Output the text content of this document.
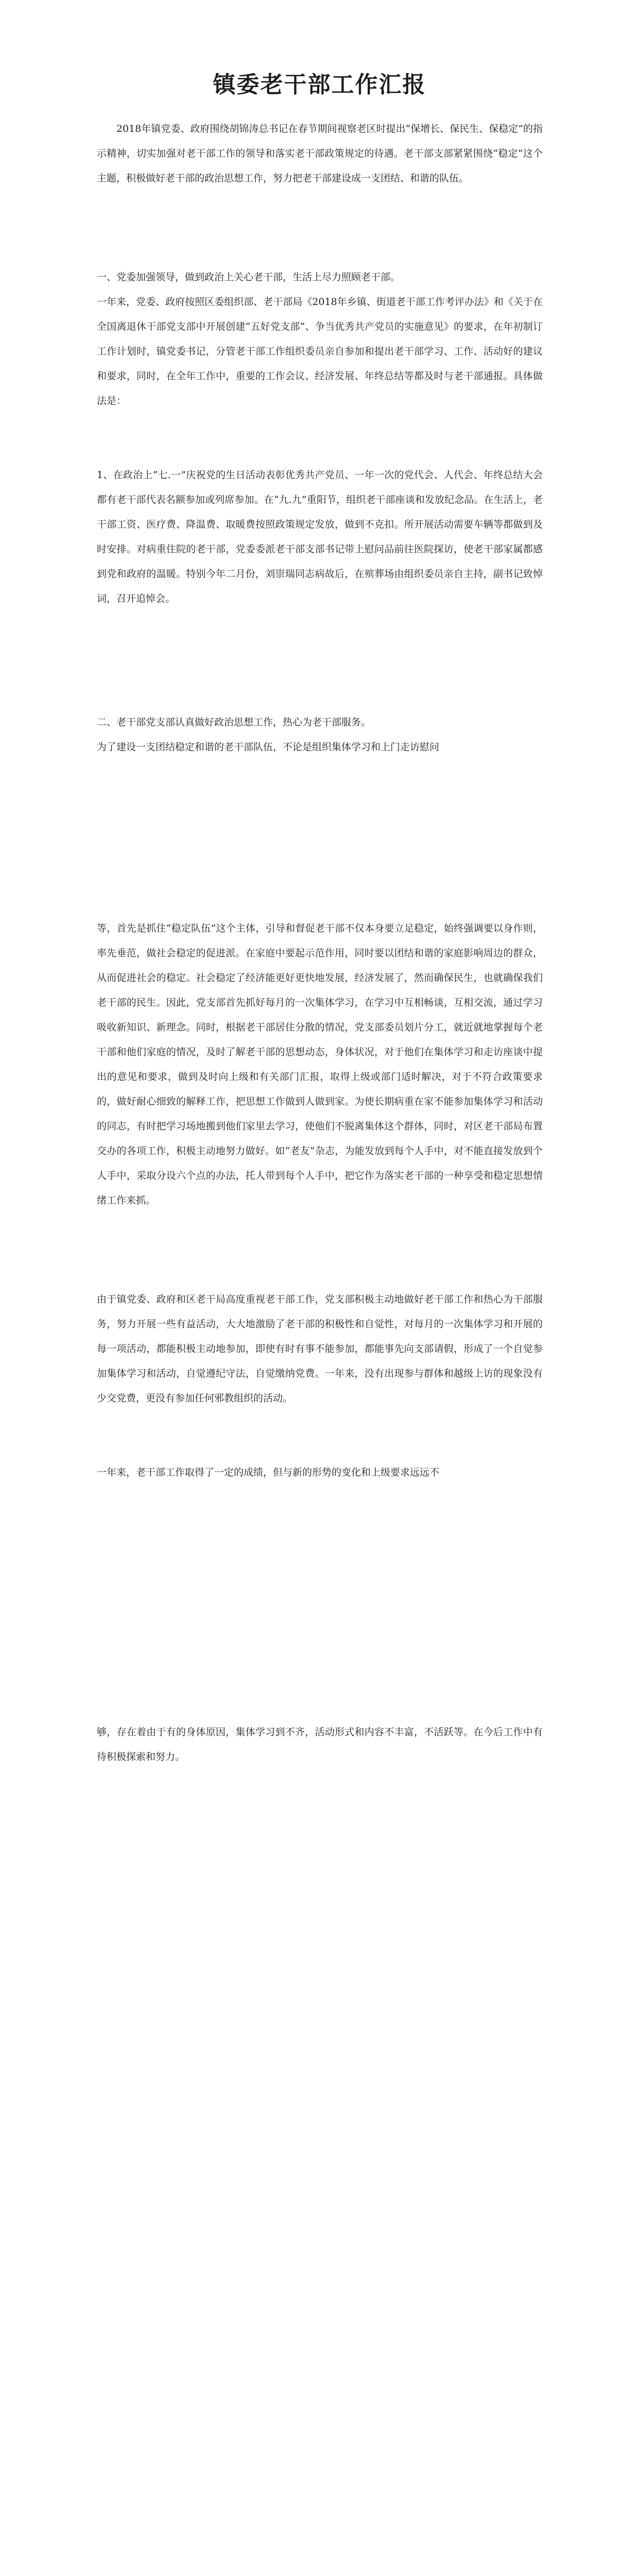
镇委老干部工作汇报

2018年镇党委、政府围绕胡锦涛总书记在春节期间视察老区时提出“保增长、保民生、保稳定”的指示精神，切实加强对老干部工作的领导和落实老干部政策规定的待遇。老干部支部紧紧围绕“稳定”这个主题，积极做好老干部的政治思想工作，努力把老干部建设成一支团结、和谐的队伍。

一、党委加强领导，做到政治上关心老干部，生活上尽力照顾老干部。

一年来，党委、政府按照区委组织部、老干部局《2018年乡镇、街道老干部工作考评办法》和《关于在全国离退休干部党支部中开展创建“五好党支部”、争当优秀共产党员的实施意见》的要求，在年初制订工作计划时，镇党委书记，分管老干部工作组织委员亲自参加和提出老干部学习、工作、活动好的建议和要求，同时，在全年工作中，重要的工作会议、经济发展、年终总结等都及时与老干部通报。具体做法是：

1、在政治上“七.一”庆祝党的生日活动表彰优秀共产党员、一年一次的党代会、人代会、年终总结大会都有老干部代表名额参加或列席参加。在“九.九”重阳节，组织老干部座谈和发放纪念品。在生活上，老干部工资、医疗费、降温费、取暖费按照政策规定发放，做到不克扣。所开展活动需要车辆等都做到及时安排。对病重住院的老干部，党委委派老干部支部书记带上慰问品前往医院探访，使老干部家属都感到党和政府的温暖。特别今年二月份，刘崇瑞同志病故后，在殡葬场由组织委员亲自主持，副书记致悼词，召开追悼会。

二、老干部党支部认真做好政治思想工作，热心为老干部服务。

为了建设一支团结稳定和谐的老干部队伍，不论是组织集体学习和上门走访慰问

等，首先是抓住“稳定队伍”这个主体，引导和督促老干部不仅本身要立足稳定，始终强调要以身作则，率先垂范，做社会稳定的促进派。在家庭中要起示范作用，同时要以团结和谐的家庭影响周边的群众，从而促进社会的稳定。社会稳定了经济能更好更快地发展，经济发展了，然而确保民生，也就确保我们老干部的民生。因此，党支部首先抓好每月的一次集体学习，在学习中互相畅谈，互相交流，通过学习吸收新知识、新理念。同时，根据老干部居住分散的情况，党支部委员划片分工，就近就地掌握每个老干部和他们家庭的情况，及时了解老干部的思想动态，身体状况，对于他们在集体学习和走访座谈中提出的意见和要求，做到及时向上级和有关部门汇报，取得上级或部门适时解决，对于不符合政策要求的，做好耐心细致的解释工作，把思想工作做到人做到家。为使长期病重在家不能参加集体学习和活动的同志，有时把学习场地搬到他们家里去学习，使他们不脱离集体这个群体，同时，对区老干部局布置交办的各项工作，积极主动地努力做好。如“老友”杂志，为能发放到每个人手中，对不能直接发放到个人手中，采取分设六个点的办法，托人带到每个人手中，把它作为落实老干部的一种享受和稳定思想情绪工作来抓。

由于镇党委、政府和区老干局高度重视老干部工作，党支部积极主动地做好老干部工作和热心为干部服务，努力开展一些有益活动，大大地激励了老干部的积极性和自觉性，对每月的一次集体学习和开展的每一项活动，都能积极主动地参加，即使有时有事不能参加，都能事先向支部请假，形成了一个自觉参加集体学习和活动，自觉遵纪守法，自觉缴纳党费。一年来，没有出现参与群体和越级上访的现象没有少交党费，更没有参加任何邪教组织的活动。

一年来，老干部工作取得了一定的成绩，但与新的形势的变化和上级要求远远不

够，存在着由于有的身体原因，集体学习到不齐，活动形式和内容不丰富，不活跃等。在今后工作中有待积极探索和努力。
